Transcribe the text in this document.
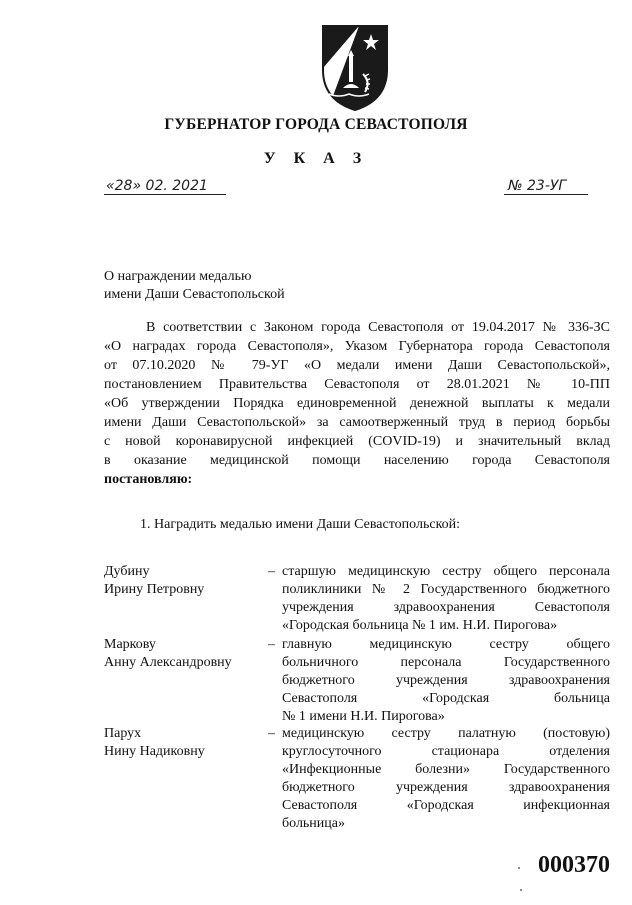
ГУБЕРНАТОР ГОРОДА СЕВАСТОПОЛЯ
У К А З
«28» 02. 2021	№ 23-УГ
О награждении медалью
имени Даши Севастопольской
В соответствии с Законом города Севастополя от 19.04.2017 № 336-ЗС
«О наградах города Севастополя», Указом Губернатора города Севастополя
от 07.10.2020 № 79-УГ «О медали имени Даши Севастопольской»,
постановлением Правительства Севастополя от 28.01.2021 № 10-ПП
«Об утверждении Порядка единовременной денежной выплаты к медали
имени Даши Севастопольской» за самоотверженный труд в период борьбы
с новой коронавирусной инфекцией (COVID-19) и значительный вклад
в оказание медицинской помощи населению города Севастополя
постановляю:
1. Наградить медалью имени Даши Севастопольской:
Дубину
Ирину Петровну
– старшую медицинскую сестру общего персонала
поликлиники № 2 Государственного бюджетного
учреждения здравоохранения Севастополя
«Городская больница № 1 им. Н.И. Пирогова»
Маркову
Анну Александровну
– главную медицинскую сестру общего
больничного персонала Государственного
бюджетного учреждения здравоохранения
Севастополя «Городская больница
№ 1 имени Н.И. Пирогова»
Парух
Нину Надиковну
– медицинскую сестру палатную (постовую)
круглосуточного стационара отделения
«Инфекционные болезни» Государственного
бюджетного учреждения здравоохранения
Севастополя «Городская инфекционная
больница»
000370
